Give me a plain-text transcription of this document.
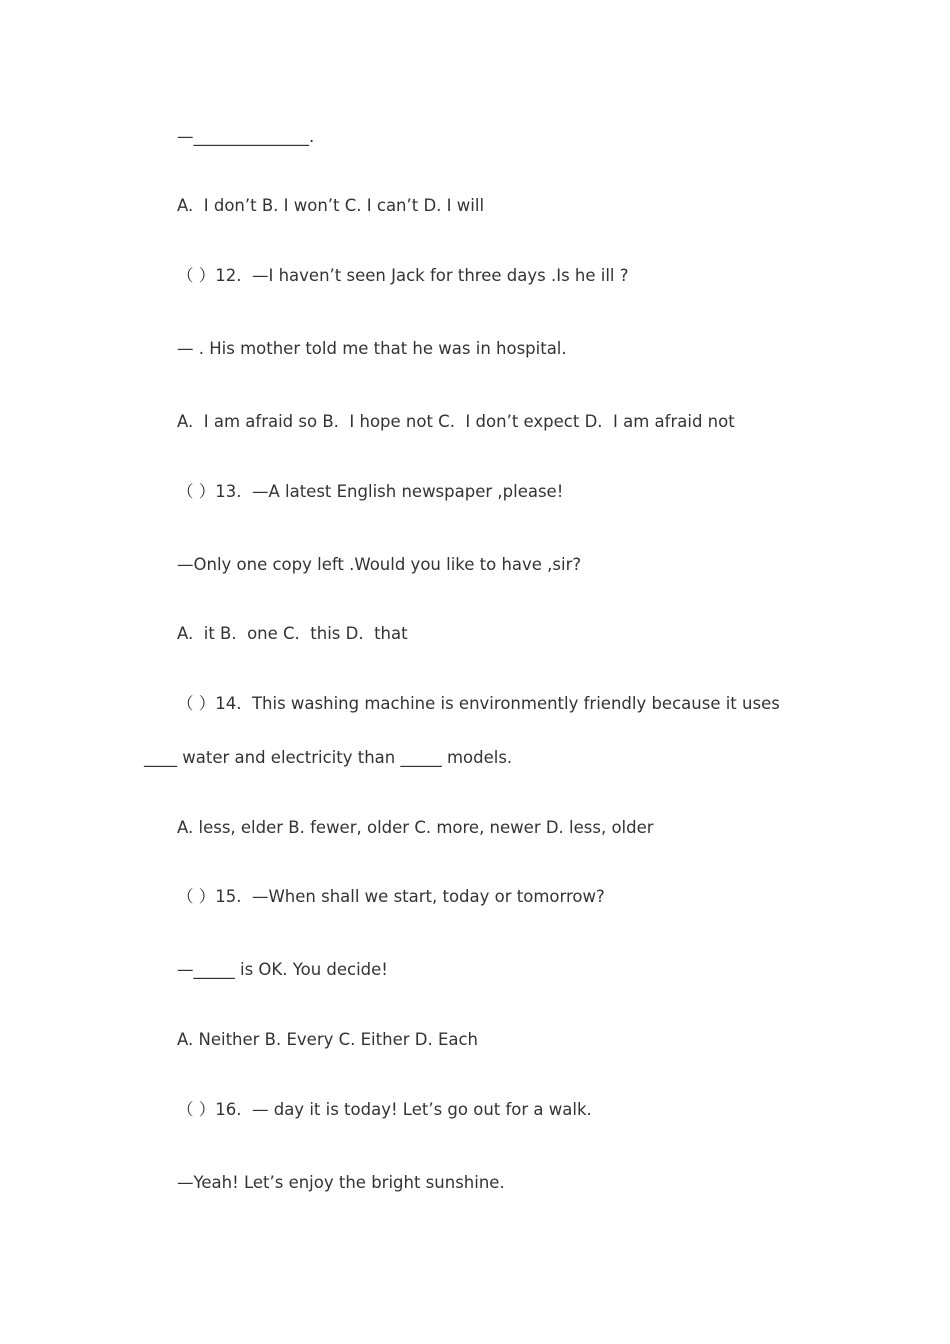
—______________.
A.  I don’t B. I won’t C. I can’t D. I will
（ ）12.  —I haven’t seen Jack for three days .Is he ill ?
— . His mother told me that he was in hospital.
A.  I am afraid so B.  I hope not C.  I don’t expect D.  I am afraid not
（ ）13.  —A latest English newspaper ,please!
—Only one copy left .Would you like to have ,sir?
A.  it B.  one C.  this D.  that
（ ）14.  This washing machine is environmently friendly because it uses
____ water and electricity than _____ models.
A. less, elder B. fewer, older C. more, newer D. less, older
（ ）15.  —When shall we start, today or tomorrow?
—_____ is OK. You decide!
A. Neither B. Every C. Either D. Each
（ ）16.  — day it is today! Let’s go out for a walk.
—Yeah! Let’s enjoy the bright sunshine.
